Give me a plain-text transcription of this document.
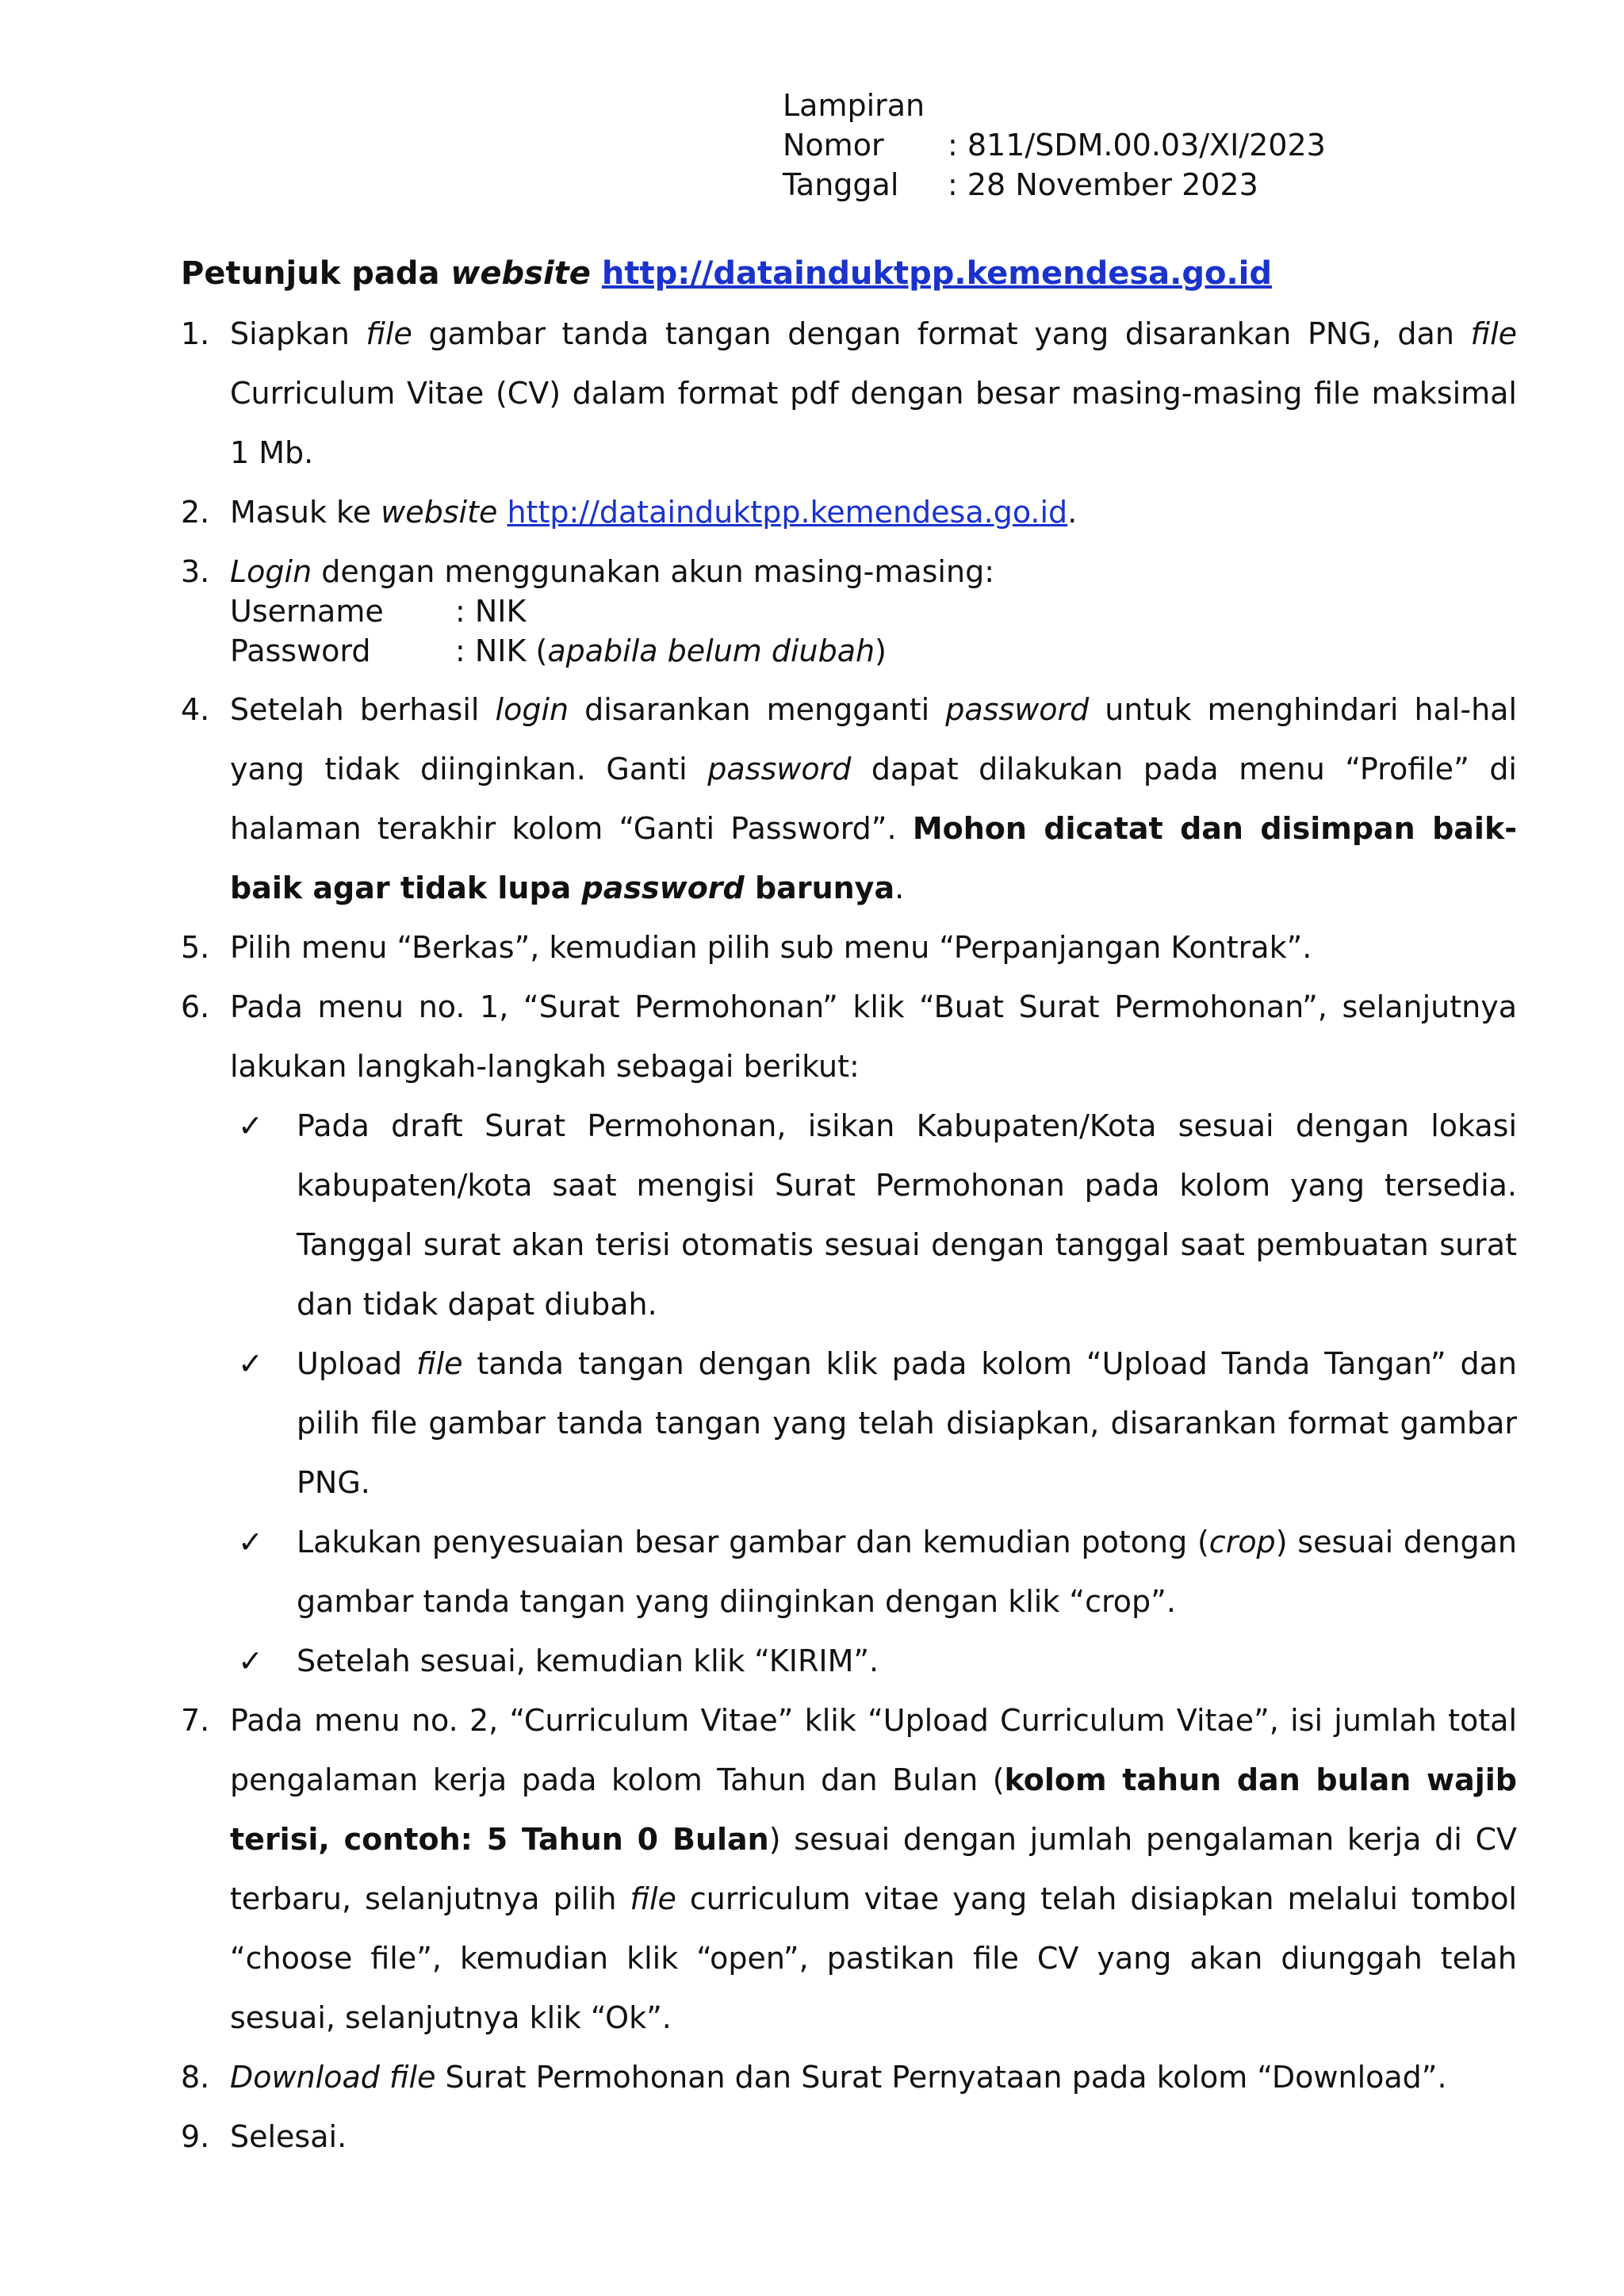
Lampiran
Nomor	: 811/SDM.00.03/XI/2023
Tanggal	: 28 November 2023
Petunjuk pada website http://datainduktpp.kemendesa.go.id
1. Siapkan file gambar tanda tangan dengan format yang disarankan PNG, dan file Curriculum Vitae (CV) dalam format pdf dengan besar masing-masing file maksimal 1 Mb.
2. Masuk ke website http://datainduktpp.kemendesa.go.id.
3. Login dengan menggunakan akun masing-masing:
Username	: NIK
Password	: NIK (apabila belum diubah)
4. Setelah berhasil login disarankan mengganti password untuk menghindari hal-hal yang tidak diinginkan. Ganti password dapat dilakukan pada menu “Profile” di halaman terakhir kolom “Ganti Password”. Mohon dicatat dan disimpan baik-baik agar tidak lupa password barunya.
5. Pilih menu “Berkas”, kemudian pilih sub menu “Perpanjangan Kontrak”.
6. Pada menu no. 1, “Surat Permohonan” klik “Buat Surat Permohonan”, selanjutnya lakukan langkah-langkah sebagai berikut:
✓ Pada draft Surat Permohonan, isikan Kabupaten/Kota sesuai dengan lokasi kabupaten/kota saat mengisi Surat Permohonan pada kolom yang tersedia. Tanggal surat akan terisi otomatis sesuai dengan tanggal saat pembuatan surat dan tidak dapat diubah.
✓ Upload file tanda tangan dengan klik pada kolom “Upload Tanda Tangan” dan pilih file gambar tanda tangan yang telah disiapkan, disarankan format gambar PNG.
✓ Lakukan penyesuaian besar gambar dan kemudian potong (crop) sesuai dengan gambar tanda tangan yang diinginkan dengan klik “crop”.
✓ Setelah sesuai, kemudian klik “KIRIM”.
7. Pada menu no. 2, “Curriculum Vitae” klik “Upload Curriculum Vitae”, isi jumlah total pengalaman kerja pada kolom Tahun dan Bulan (kolom tahun dan bulan wajib terisi, contoh: 5 Tahun 0 Bulan) sesuai dengan jumlah pengalaman kerja di CV terbaru, selanjutnya pilih file curriculum vitae yang telah disiapkan melalui tombol “choose file”, kemudian klik “open”, pastikan file CV yang akan diunggah telah sesuai, selanjutnya klik “Ok”.
8. Download file Surat Permohonan dan Surat Pernyataan pada kolom “Download”.
9. Selesai.
